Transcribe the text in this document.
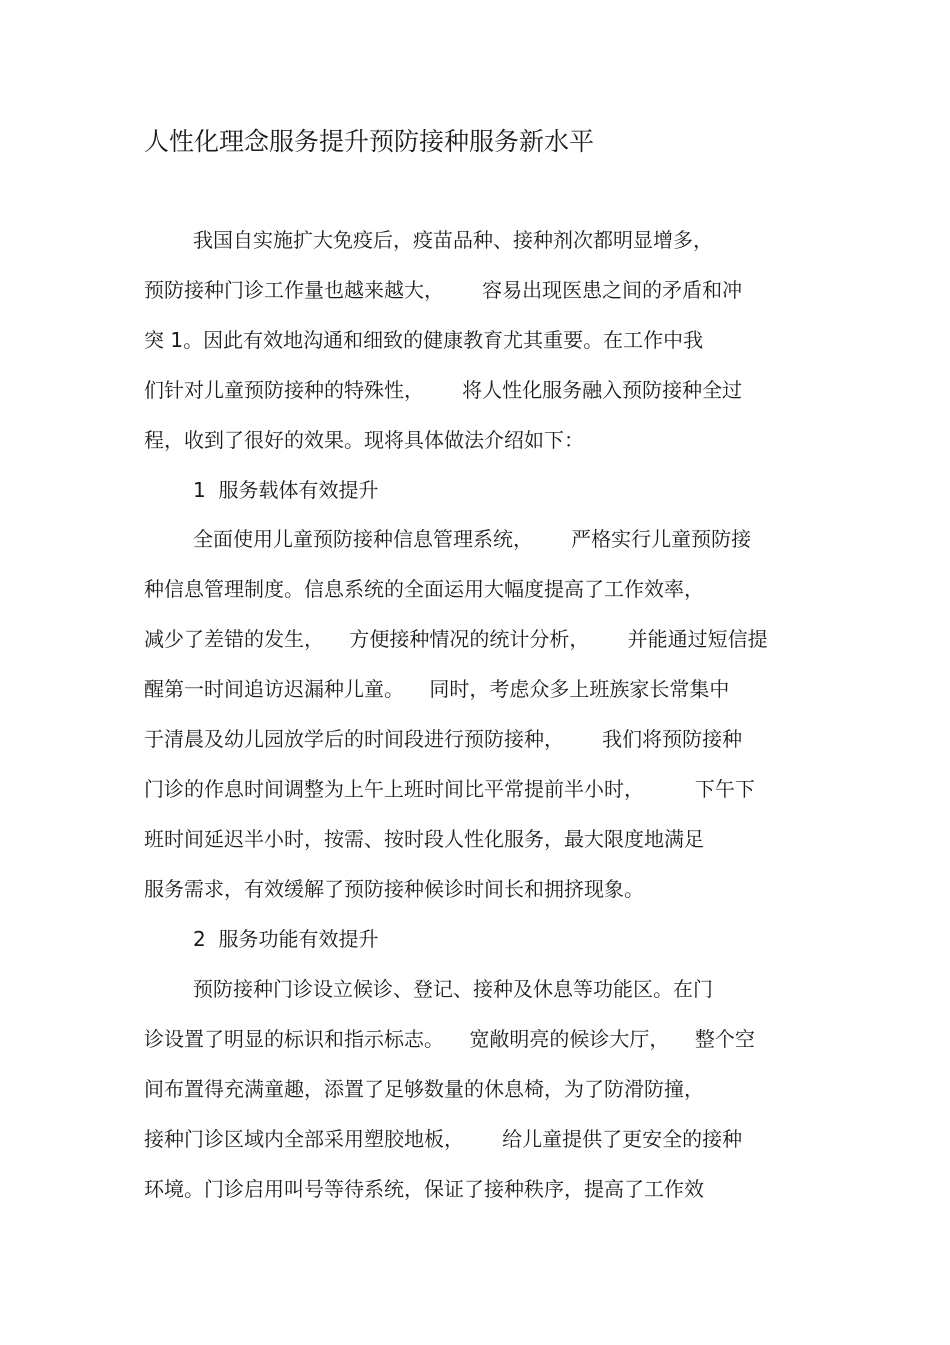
人性化理念服务提升预防接种服务新水平

我国自实施扩大免疫后，疫苗品种、接种剂次都明显增多，

预防接种门诊工作量也越来越大，      容易出现医患之间的矛盾和冲

突 1。因此有效地沟通和细致的健康教育尤其重要。在工作中我

们针对儿童预防接种的特殊性，      将人性化服务融入预防接种全过

程，收到了很好的效果。现将具体做法介绍如下：

1  服务载体有效提升

全面使用儿童预防接种信息管理系统，      严格实行儿童预防接

种信息管理制度。信息系统的全面运用大幅度提高了工作效率，

减少了差错的发生，    方便接种情况的统计分析，      并能通过短信提

醒第一时间追访迟漏种儿童。    同时，考虑众多上班族家长常集中

于清晨及幼儿园放学后的时间段进行预防接种，      我们将预防接种

门诊的作息时间调整为上午上班时间比平常提前半小时，        下午下

班时间延迟半小时，按需、按时段人性化服务，最大限度地满足

服务需求，有效缓解了预防接种候诊时间长和拥挤现象。

2  服务功能有效提升

预防接种门诊设立候诊、登记、接种及休息等功能区。在门

诊设置了明显的标识和指示标志。    宽敞明亮的候诊大厅，    整个空

间布置得充满童趣，添置了足够数量的休息椅，为了防滑防撞，

接种门诊区域内全部采用塑胶地板，      给儿童提供了更安全的接种

环境。门诊启用叫号等待系统，保证了接种秩序，提高了工作效
